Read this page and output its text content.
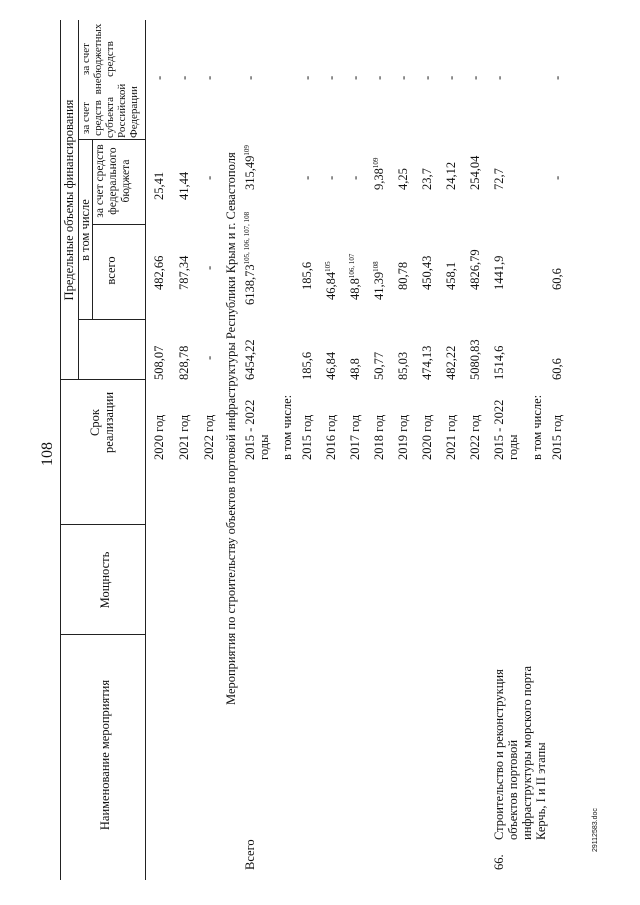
108
29112583.doc
Наименование мероприятия
Мощность
Срок реализации
Предельные объемы финансирования всего
в том числе
за счет средств федерального бюджета
за счет средств субъекта Российской Федерации
за счет внебюджетных средств
2020 год
508,07
482,66
25,41
-
2021 год
828,78
787,34
41,44
-
2022 год
-
-
-
-
Мероприятия по строительству объектов портовой инфраструктуры Республики Крым и г. Севастополя
Всего
2015 - 2022 годы
6454,22
6138,73$^{105, 106, 107, 108}$
315,49$^{109}$
-
в том числе: 2015 год
185,6
185,6
-
-
2016 год
46,84
46,84$^{105}$
-
-
2017 год
48,8
48,8$^{106, 107}$
-
-
2018 год
50,77
41,39$^{108}$
9,38$^{109}$
-
2019 год
85,03
80,78
4,25
-
2020 год
474,13
450,43
23,7
-
2021 год
482,22
458,1
24,12
-
2022 год
5080,83
4826,79
254,04
-
66.
Строительство и реконструкция объектов портовой инфраструктуры морского порта Керчь, I и II этапы
2015 - 2022 годы
1514,6
1441,9
72,7
-
в том числе: 2015 год
60,6
60,6
-
-
